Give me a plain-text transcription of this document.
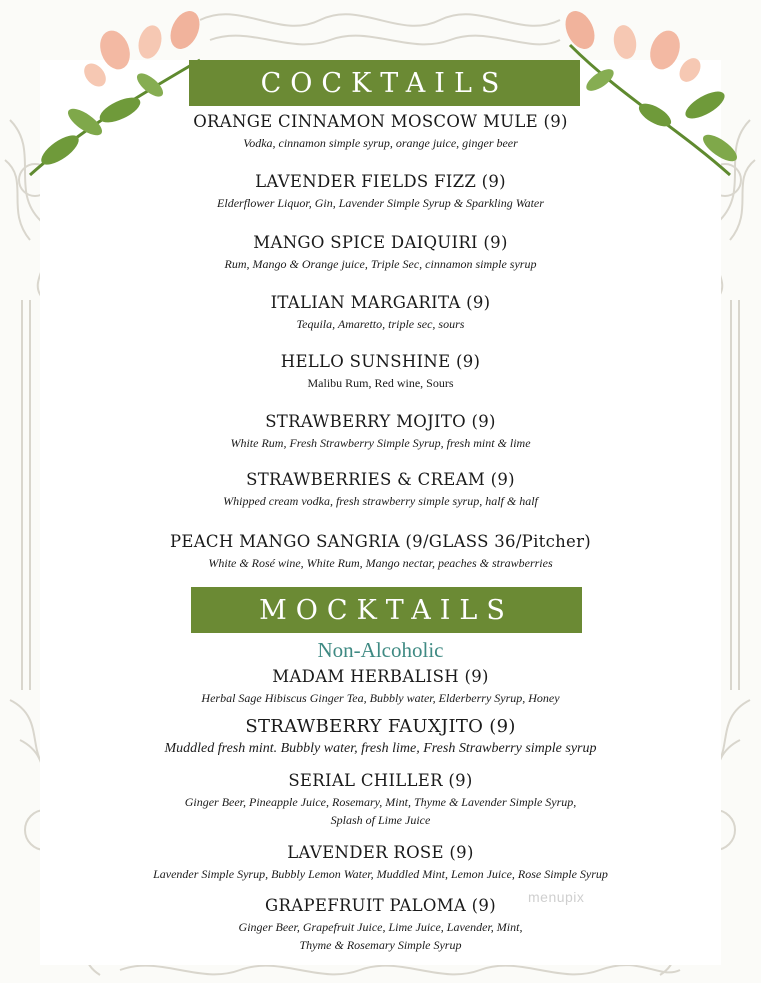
COCKTAILS
ORANGE CINNAMON MOSCOW MULE (9)
Vodka, cinnamon simple syrup, orange juice, ginger beer
LAVENDER FIELDS FIZZ (9)
Elderflower Liquor, Gin, Lavender Simple Syrup & Sparkling Water
MANGO SPICE DAIQUIRI (9)
Rum, Mango & Orange juice, Triple Sec, cinnamon simple syrup
ITALIAN MARGARITA (9)
Tequila, Amaretto, triple sec, sours
HELLO SUNSHINE (9)
Malibu Rum, Red wine, Sours
STRAWBERRY MOJITO (9)
White Rum, Fresh Strawberry Simple Syrup, fresh mint & lime
STRAWBERRIES & CREAM (9)
Whipped cream vodka, fresh strawberry simple syrup, half & half
PEACH MANGO SANGRIA (9/GLASS 36/Pitcher)
White & Rosé wine, White Rum, Mango nectar, peaches & strawberries
MOCKTAILS
Non-Alcoholic
MADAM HERBALISH (9)
Herbal Sage Hibiscus Ginger Tea, Bubbly water, Elderberry Syrup, Honey
STRAWBERRY FAUXJITO (9)
Muddled fresh mint. Bubbly water, fresh lime, Fresh Strawberry simple syrup
SERIAL CHILLER (9)
Ginger Beer, Pineapple Juice, Rosemary, Mint, Thyme & Lavender Simple Syrup,
Splash of Lime Juice
LAVENDER ROSE (9)
Lavender Simple Syrup, Bubbly Lemon Water, Muddled Mint, Lemon Juice, Rose Simple Syrup
GRAPEFRUIT PALOMA (9)
Ginger Beer, Grapefruit Juice, Lime Juice, Lavender, Mint,
Thyme & Rosemary Simple Syrup
menupix
